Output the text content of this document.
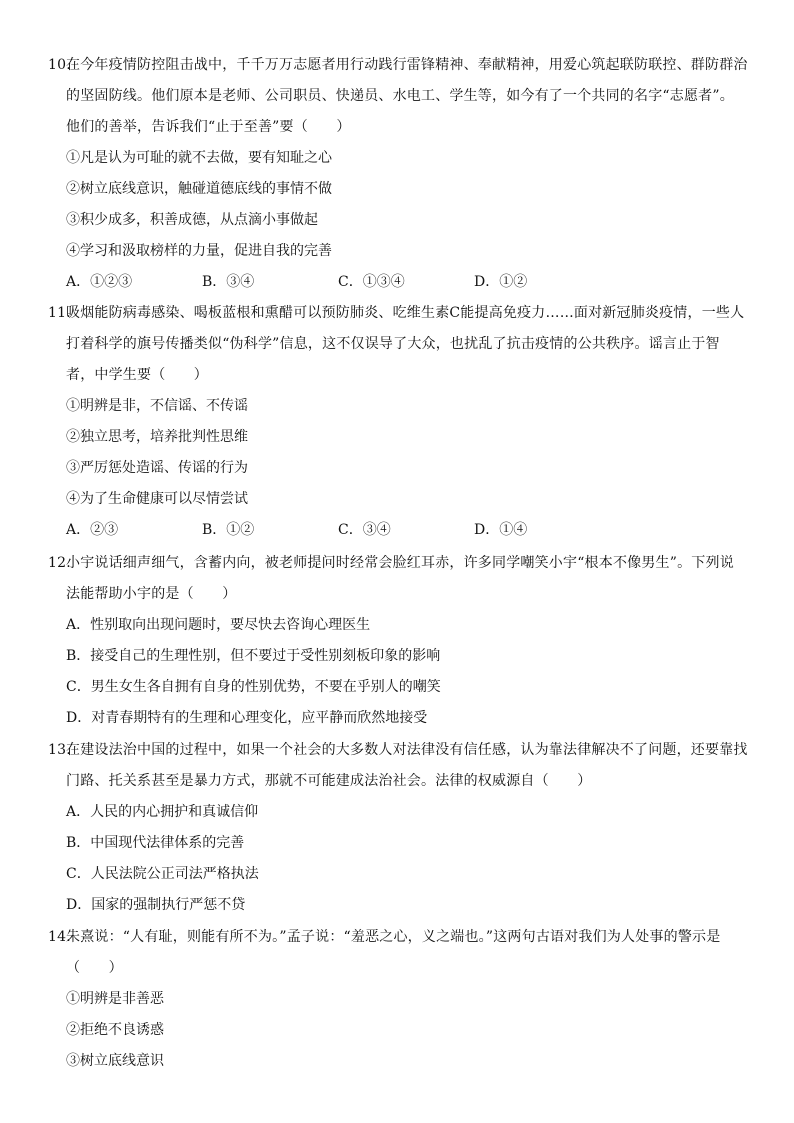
10.在今年疫情防控阻击战中，千千万万志愿者用行动践行雷锋精神、奉献精神，用爱心筑起联防联控、群防群治的坚固防线。他们原本是老师、公司职员、快递员、水电工、学生等，如今有了一个共同的名字“志愿者”。他们的善举，告诉我们“止于至善”要（　　）

①凡是认为可耻的就不去做，要有知耻之心

②树立底线意识，触碰道德底线的事情不做

③积少成多，积善成德，从点滴小事做起

④学习和汲取榜样的力量，促进自我的完善

A．①②③	B．③④	C．①③④	D．①②

11.吸烟能防病毒感染、喝板蓝根和熏醋可以预防肺炎、吃维生素C能提高免疫力……面对新冠肺炎疫情，一些人打着科学的旗号传播类似“伪科学”信息，这不仅误导了大众，也扰乱了抗击疫情的公共秩序。谣言止于智者，中学生要（　　）

①明辨是非，不信谣、不传谣

②独立思考，培养批判性思维

③严厉惩处造谣、传谣的行为

④为了生命健康可以尽情尝试

A．②③	B．①②	C．③④	D．①④

12.小宇说话细声细气，含蓄内向，被老师提问时经常会脸红耳赤，许多同学嘲笑小宇“根本不像男生”。下列说法能帮助小宇的是（　　）

A．性别取向出现问题时，要尽快去咨询心理医生

B．接受自己的生理性别，但不要过于受性别刻板印象的影响

C．男生女生各自拥有自身的性别优势，不要在乎别人的嘲笑

D．对青春期特有的生理和心理变化，应平静而欣然地接受

13.在建设法治中国的过程中，如果一个社会的大多数人对法律没有信任感，认为靠法律解决不了问题，还要靠找门路、托关系甚至是暴力方式，那就不可能建成法治社会。法律的权威源自（　　）

A．人民的内心拥护和真诚信仰

B．中国现代法律体系的完善

C．人民法院公正司法严格执法

D．国家的强制执行严惩不贷

14.朱熹说：“人有耻，则能有所不为。”孟子说：“羞恶之心，义之端也。”这两句古语对我们为人处事的警示是（　　）

①明辨是非善恶

②拒绝不良诱惑

③树立底线意识
